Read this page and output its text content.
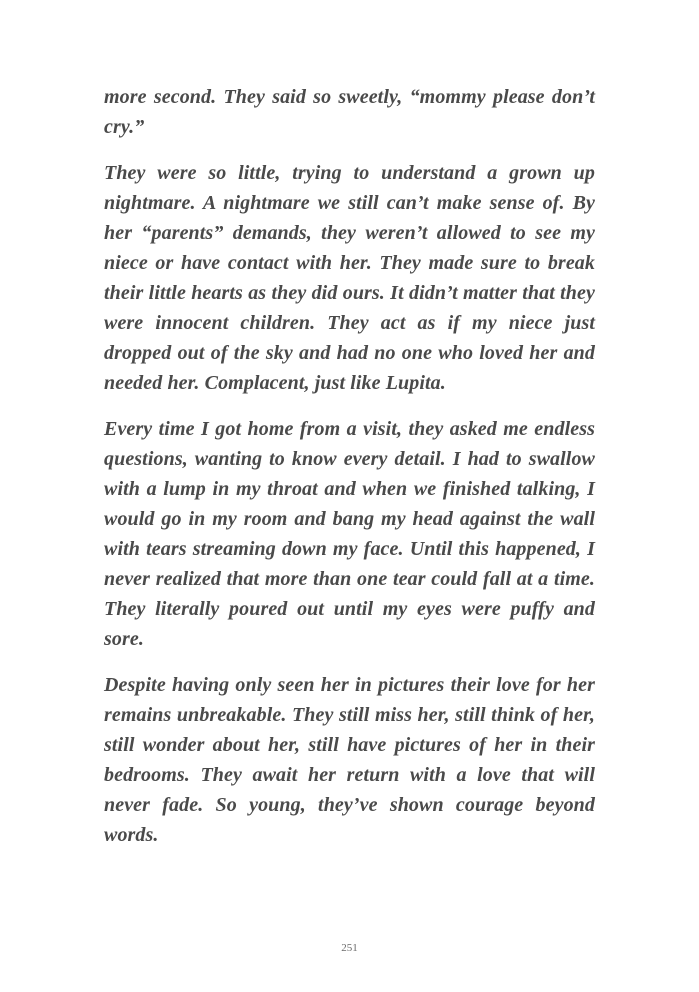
more second. They said so sweetly, “mommy please don’t cry.”

They were so little, trying to understand a grown up nightmare. A nightmare we still can’t make sense of. By her “parents” demands, they weren’t allowed to see my niece or have contact with her. They made sure to break their little hearts as they did ours. It didn’t matter that they were innocent children. They act as if my niece just dropped out of the sky and had no one who loved her and needed her. Complacent, just like Lupita.

Every time I got home from a visit, they asked me endless questions, wanting to know every detail. I had to swallow with a lump in my throat and when we finished talking, I would go in my room and bang my head against the wall with tears streaming down my face. Until this happened, I never realized that more than one tear could fall at a time. They literally poured out until my eyes were puffy and sore.

Despite having only seen her in pictures their love for her remains unbreakable. They still miss her, still think of her, still wonder about her, still have pictures of her in their bedrooms. They await her return with a love that will never fade. So young, they’ve shown courage beyond words.

251
